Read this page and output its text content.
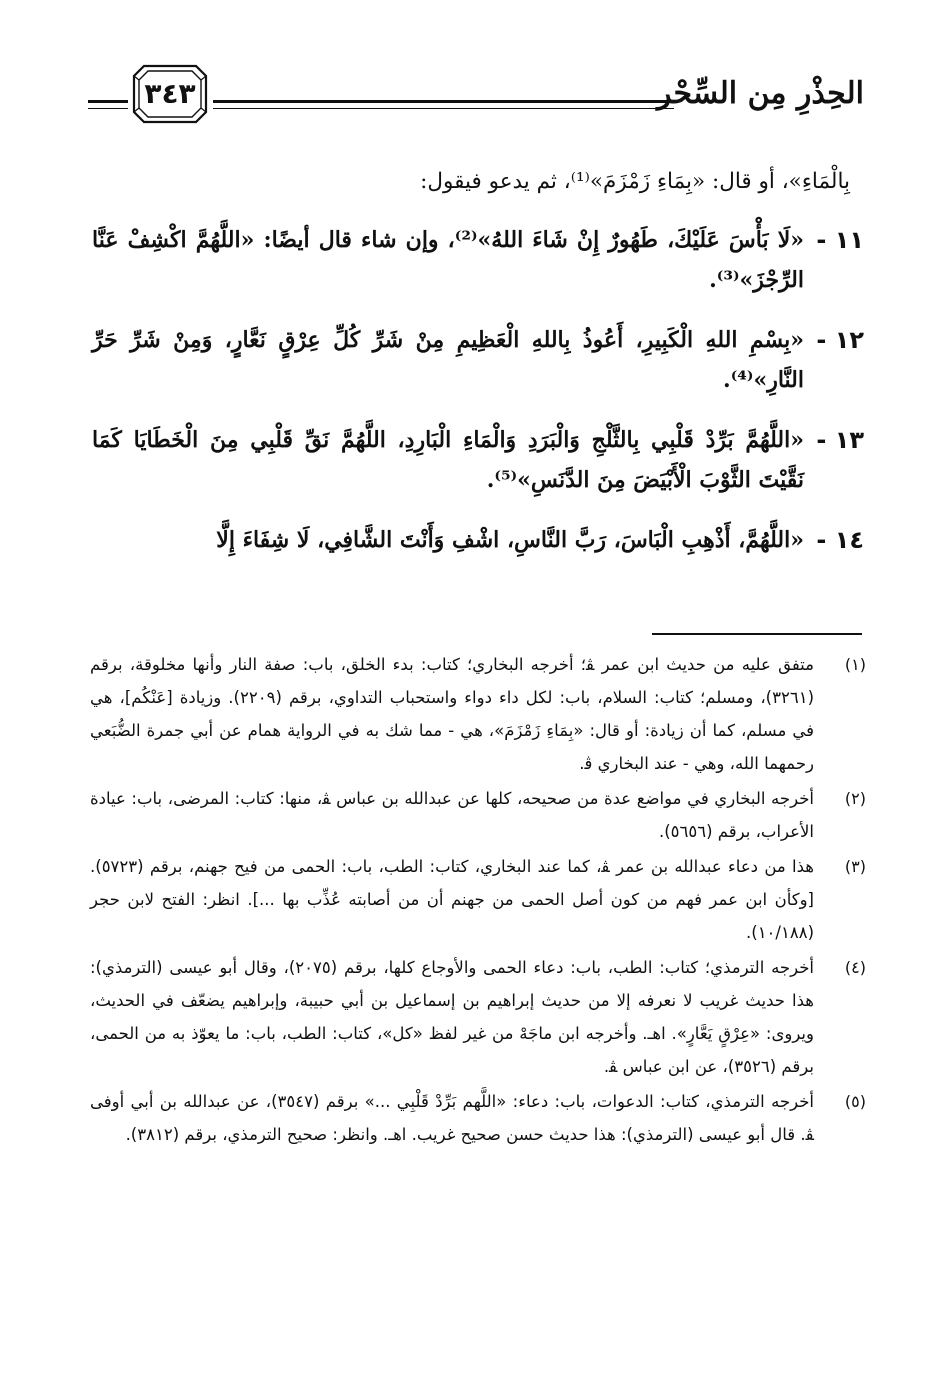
الحِذْرِ مِن السِّحْر
٣٤٣

بِالْمَاءِ»، أو قال: «بِمَاءِ زَمْزَمَ»⁽¹⁾، ثم يدعو فيقول:

١١ -
«لَا بَأْسَ عَلَيْكَ، طَهُورٌ إِنْ شَاءَ اللهُ»⁽²⁾، وإن شاء قال أيضًا: «اللَّهُمَّ اكْشِفْ عَنَّا الرِّجْزَ»⁽³⁾.
١٢ -
«بِسْمِ اللهِ الْكَبِيرِ، أَعُوذُ بِاللهِ الْعَظِيمِ مِنْ شَرِّ كُلِّ عِرْقٍ نَعَّارٍ، وَمِنْ شَرِّ حَرِّ النَّارِ»⁽⁴⁾.
١٣ -
«اللَّهُمَّ بَرِّدْ قَلْبِي بِالثَّلْجِ وَالْبَرَدِ وَالْمَاءِ الْبَارِدِ، اللَّهُمَّ نَقِّ قَلْبِي مِنَ الْخَطَايَا كَمَا نَقَّيْتَ الثَّوْبَ الْأَبْيَضَ مِنَ الدَّنَسِ»⁽⁵⁾.
١٤ -
«اللَّهُمَّ، أَذْهِبِ الْبَاسَ، رَبَّ النَّاسِ، اشْفِ وَأَنْتَ الشَّافِي، لَا شِفَاءَ إِلَّا
(١)
متفق عليه من حديث ابن عمر ﭭ؛ أخرجه البخاري؛ كتاب: بدء الخلق، باب: صفة النار وأنها مخلوقة، برقم (٣٢٦١)، ومسلم؛ كتاب: السلام، باب: لكل داء دواء واستحباب التداوي، برقم (٢٢٠٩). وزيادة [عَنْكُم]، هي في مسلم، كما أن زيادة: أو قال: «بِمَاءِ زَمْزَمَ»، هي - مما شك به في الرواية همام عن أبي جمرة الضُّبَعي رحمهما الله، وهي - عند البخاري ﭬ.
(٢)
أخرجه البخاري في مواضع عدة من صحيحه، كلها عن عبدالله بن عباس ﭭ، منها: كتاب: المرضى، باب: عيادة الأعراب، برقم (٥٦٥٦).
(٣)
هذا من دعاء عبدالله بن عمر ﭭ، كما عند البخاري، كتاب: الطب، باب: الحمى من فيح جهنم، برقم (٥٧٢٣). [وكأن ابن عمر فهم من كون أصل الحمى من جهنم أن من أصابته عُذِّب بها ...]. انظر: الفتح لابن حجر (١٠/١٨٨).
(٤)
أخرجه الترمذي؛ كتاب: الطب، باب: دعاء الحمى والأوجاع كلها، برقم (٢٠٧٥)، وقال أبو عيسى (الترمذي): هذا حديث غريب لا نعرفه إلا من حديث إبراهيم بن إسماعيل بن أبي حبيبة، وإبراهيم يضعّف في الحديث، ويروى: «عِرْقٍ يَعَّارٍ». اهـ. وأخرجه ابن ماجَهْ من غير لفظ «كل»، كتاب: الطب، باب: ما يعوّذ به من الحمى، برقم (٣٥٢٦)، عن ابن عباس ﭭ.
(٥)
أخرجه الترمذي، كتاب: الدعوات، باب: دعاء: «اللَّهم بَرِّدْ قَلْبِي ...» برقم (٣٥٤٧)، عن عبدالله بن أبي أوفى ﭭ. قال أبو عيسى (الترمذي): هذا حديث حسن صحيح غريب. اهـ. وانظر: صحيح الترمذي، برقم (٣٨١٢).
